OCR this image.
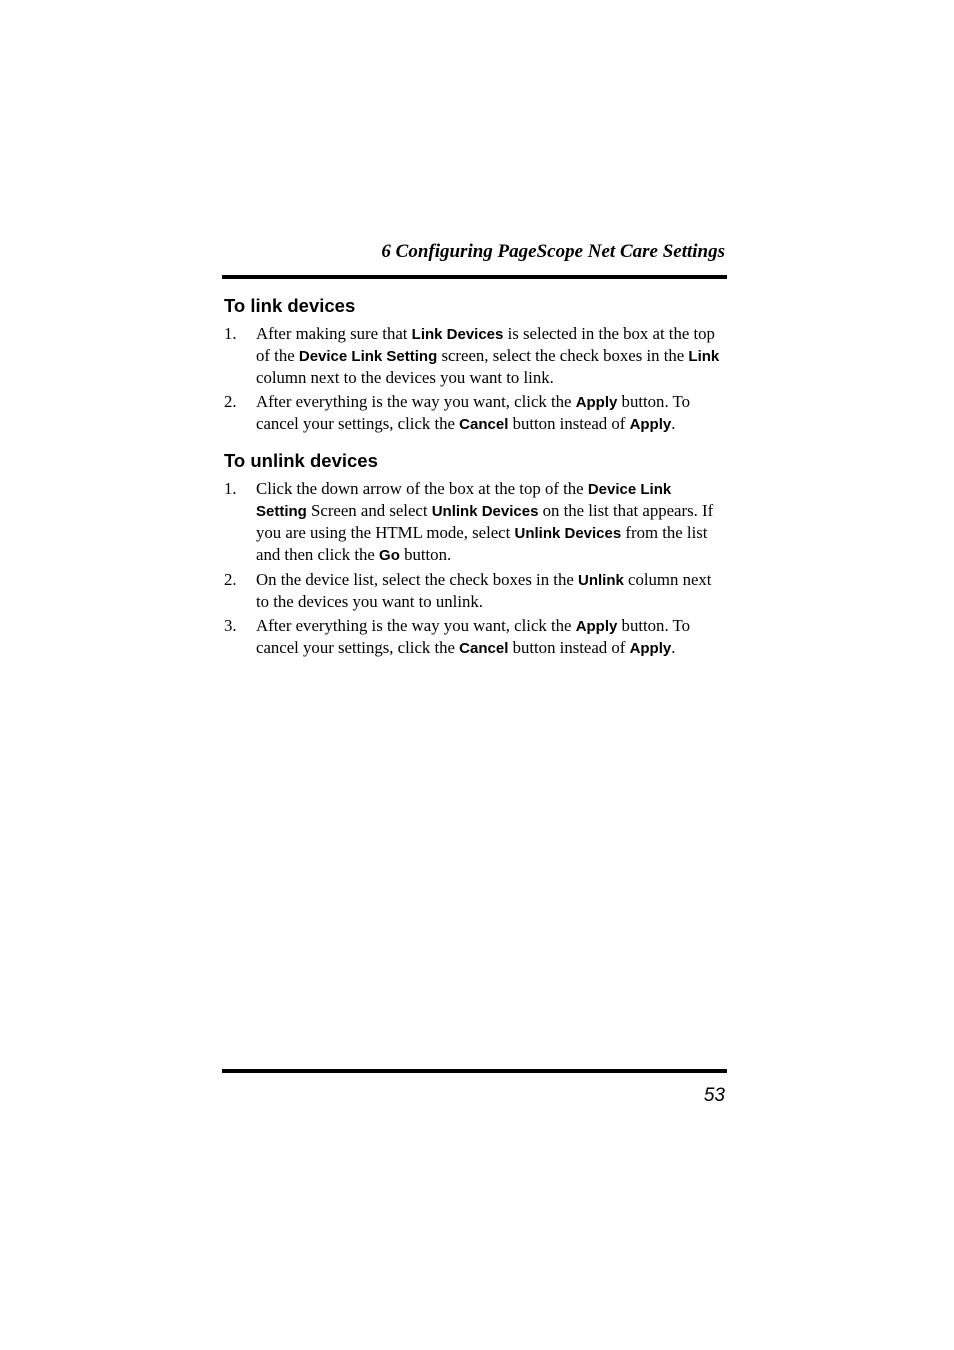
6 Configuring PageScope Net Care Settings
To link devices
1. After making sure that Link Devices is selected in the box at the top of the Device Link Setting screen, select the check boxes in the Link column next to the devices you want to link.
2. After everything is the way you want, click the Apply button. To cancel your settings, click the Cancel button instead of Apply.
To unlink devices
1. Click the down arrow of the box at the top of the Device Link Setting Screen and select Unlink Devices on the list that appears. If you are using the HTML mode, select Unlink Devices from the list and then click the Go button.
2. On the device list, select the check boxes in the Unlink column next to the devices you want to unlink.
3. After everything is the way you want, click the Apply button. To cancel your settings, click the Cancel button instead of Apply.
53
